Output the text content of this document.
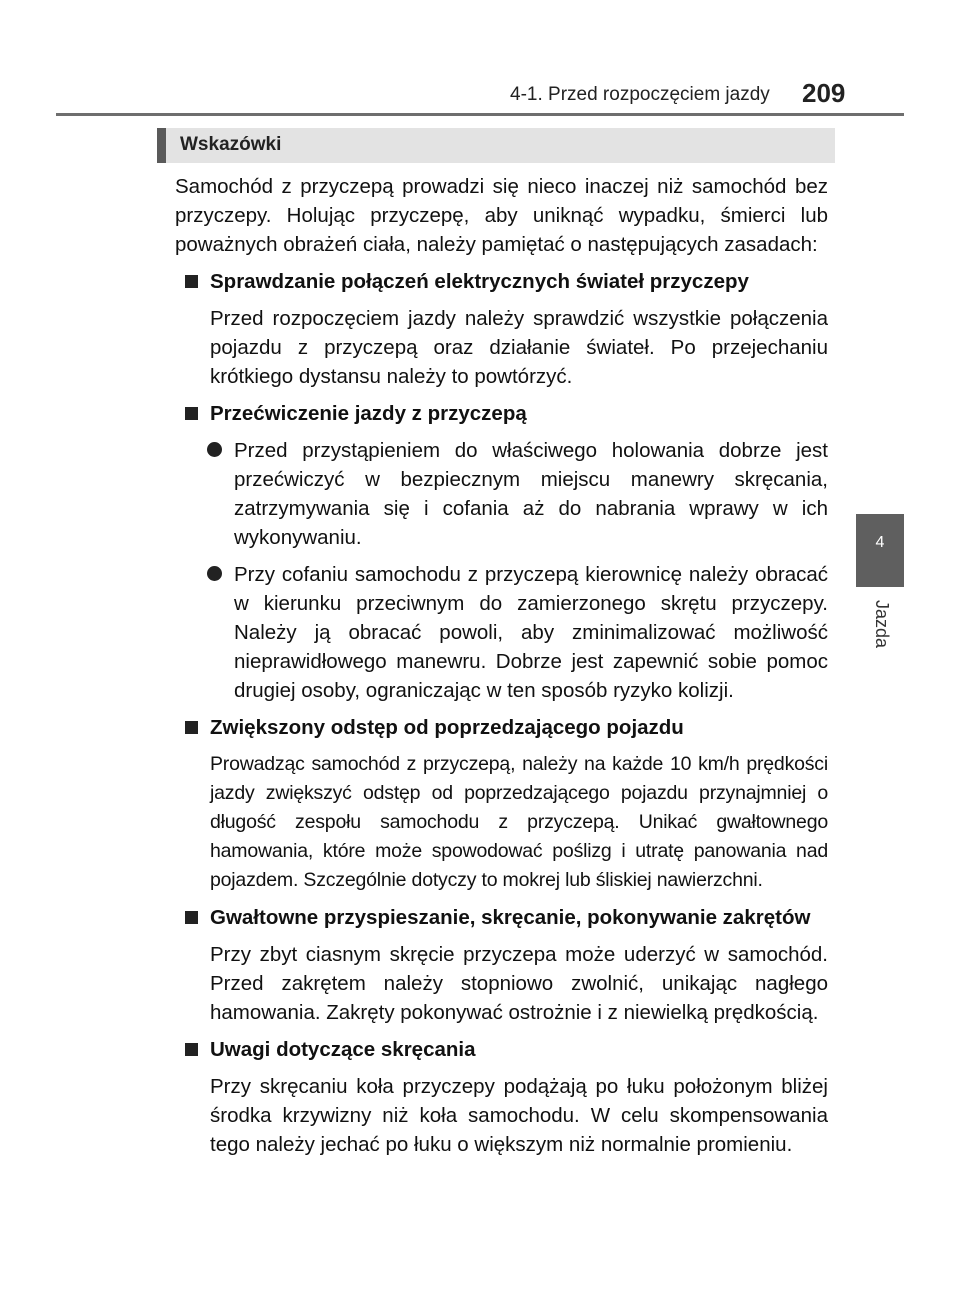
4-1. Przed rozpoczęciem jazdy 209
4
Jazda
Wskazówki

Samochód z przyczepą prowadzi się nieco inaczej niż samochód bez przyczepy. Holując przyczepę, aby uniknąć wypadku, śmierci lub poważnych obrażeń ciała, należy pamiętać o następujących zasadach:

Sprawdzanie połączeń elektrycznych świateł przyczepy

Przed rozpoczęciem jazdy należy sprawdzić wszystkie połączenia pojazdu z przyczepą oraz działanie świateł. Po przejechaniu krótkiego dystansu należy to powtórzyć.

Przećwiczenie jazdy z przyczepą
Przed przystąpieniem do właściwego holowania dobrze jest przećwiczyć w bezpiecznym miejscu manewry skręcania, zatrzymywania się i cofania aż do nabrania wprawy w ich wykonywaniu.
Przy cofaniu samochodu z przyczepą kierownicę należy obracać w kierunku przeciwnym do zamierzonego skrętu przyczepy. Należy ją obracać powoli, aby zminimalizować możliwość nieprawidłowego manewru. Dobrze jest zapewnić sobie pomoc drugiej osoby, ograniczając w ten sposób ryzyko kolizji.
Zwiększony odstęp od poprzedzającego pojazdu

Prowadząc samochód z przyczepą, należy na każde 10 km/h prędkości jazdy zwiększyć odstęp od poprzedzającego pojazdu przynajmniej o długość zespołu samochodu z przyczepą. Unikać gwałtownego hamowania, które może spowodować poślizg i utratę panowania nad pojazdem. Szczególnie dotyczy to mokrej lub śliskiej nawierzchni.

Gwałtowne przyspieszanie, skręcanie, pokonywanie zakrętów

Przy zbyt ciasnym skręcie przyczepa może uderzyć w samochód. Przed zakrętem należy stopniowo zwolnić, unikając nagłego hamowania. Zakręty pokonywać ostrożnie i z niewielką prędkością.

Uwagi dotyczące skręcania

Przy skręcaniu koła przyczepy podążają po łuku położonym bliżej środka krzywizny niż koła samochodu. W celu skompensowania tego należy jechać po łuku o większym niż normalnie promieniu.
